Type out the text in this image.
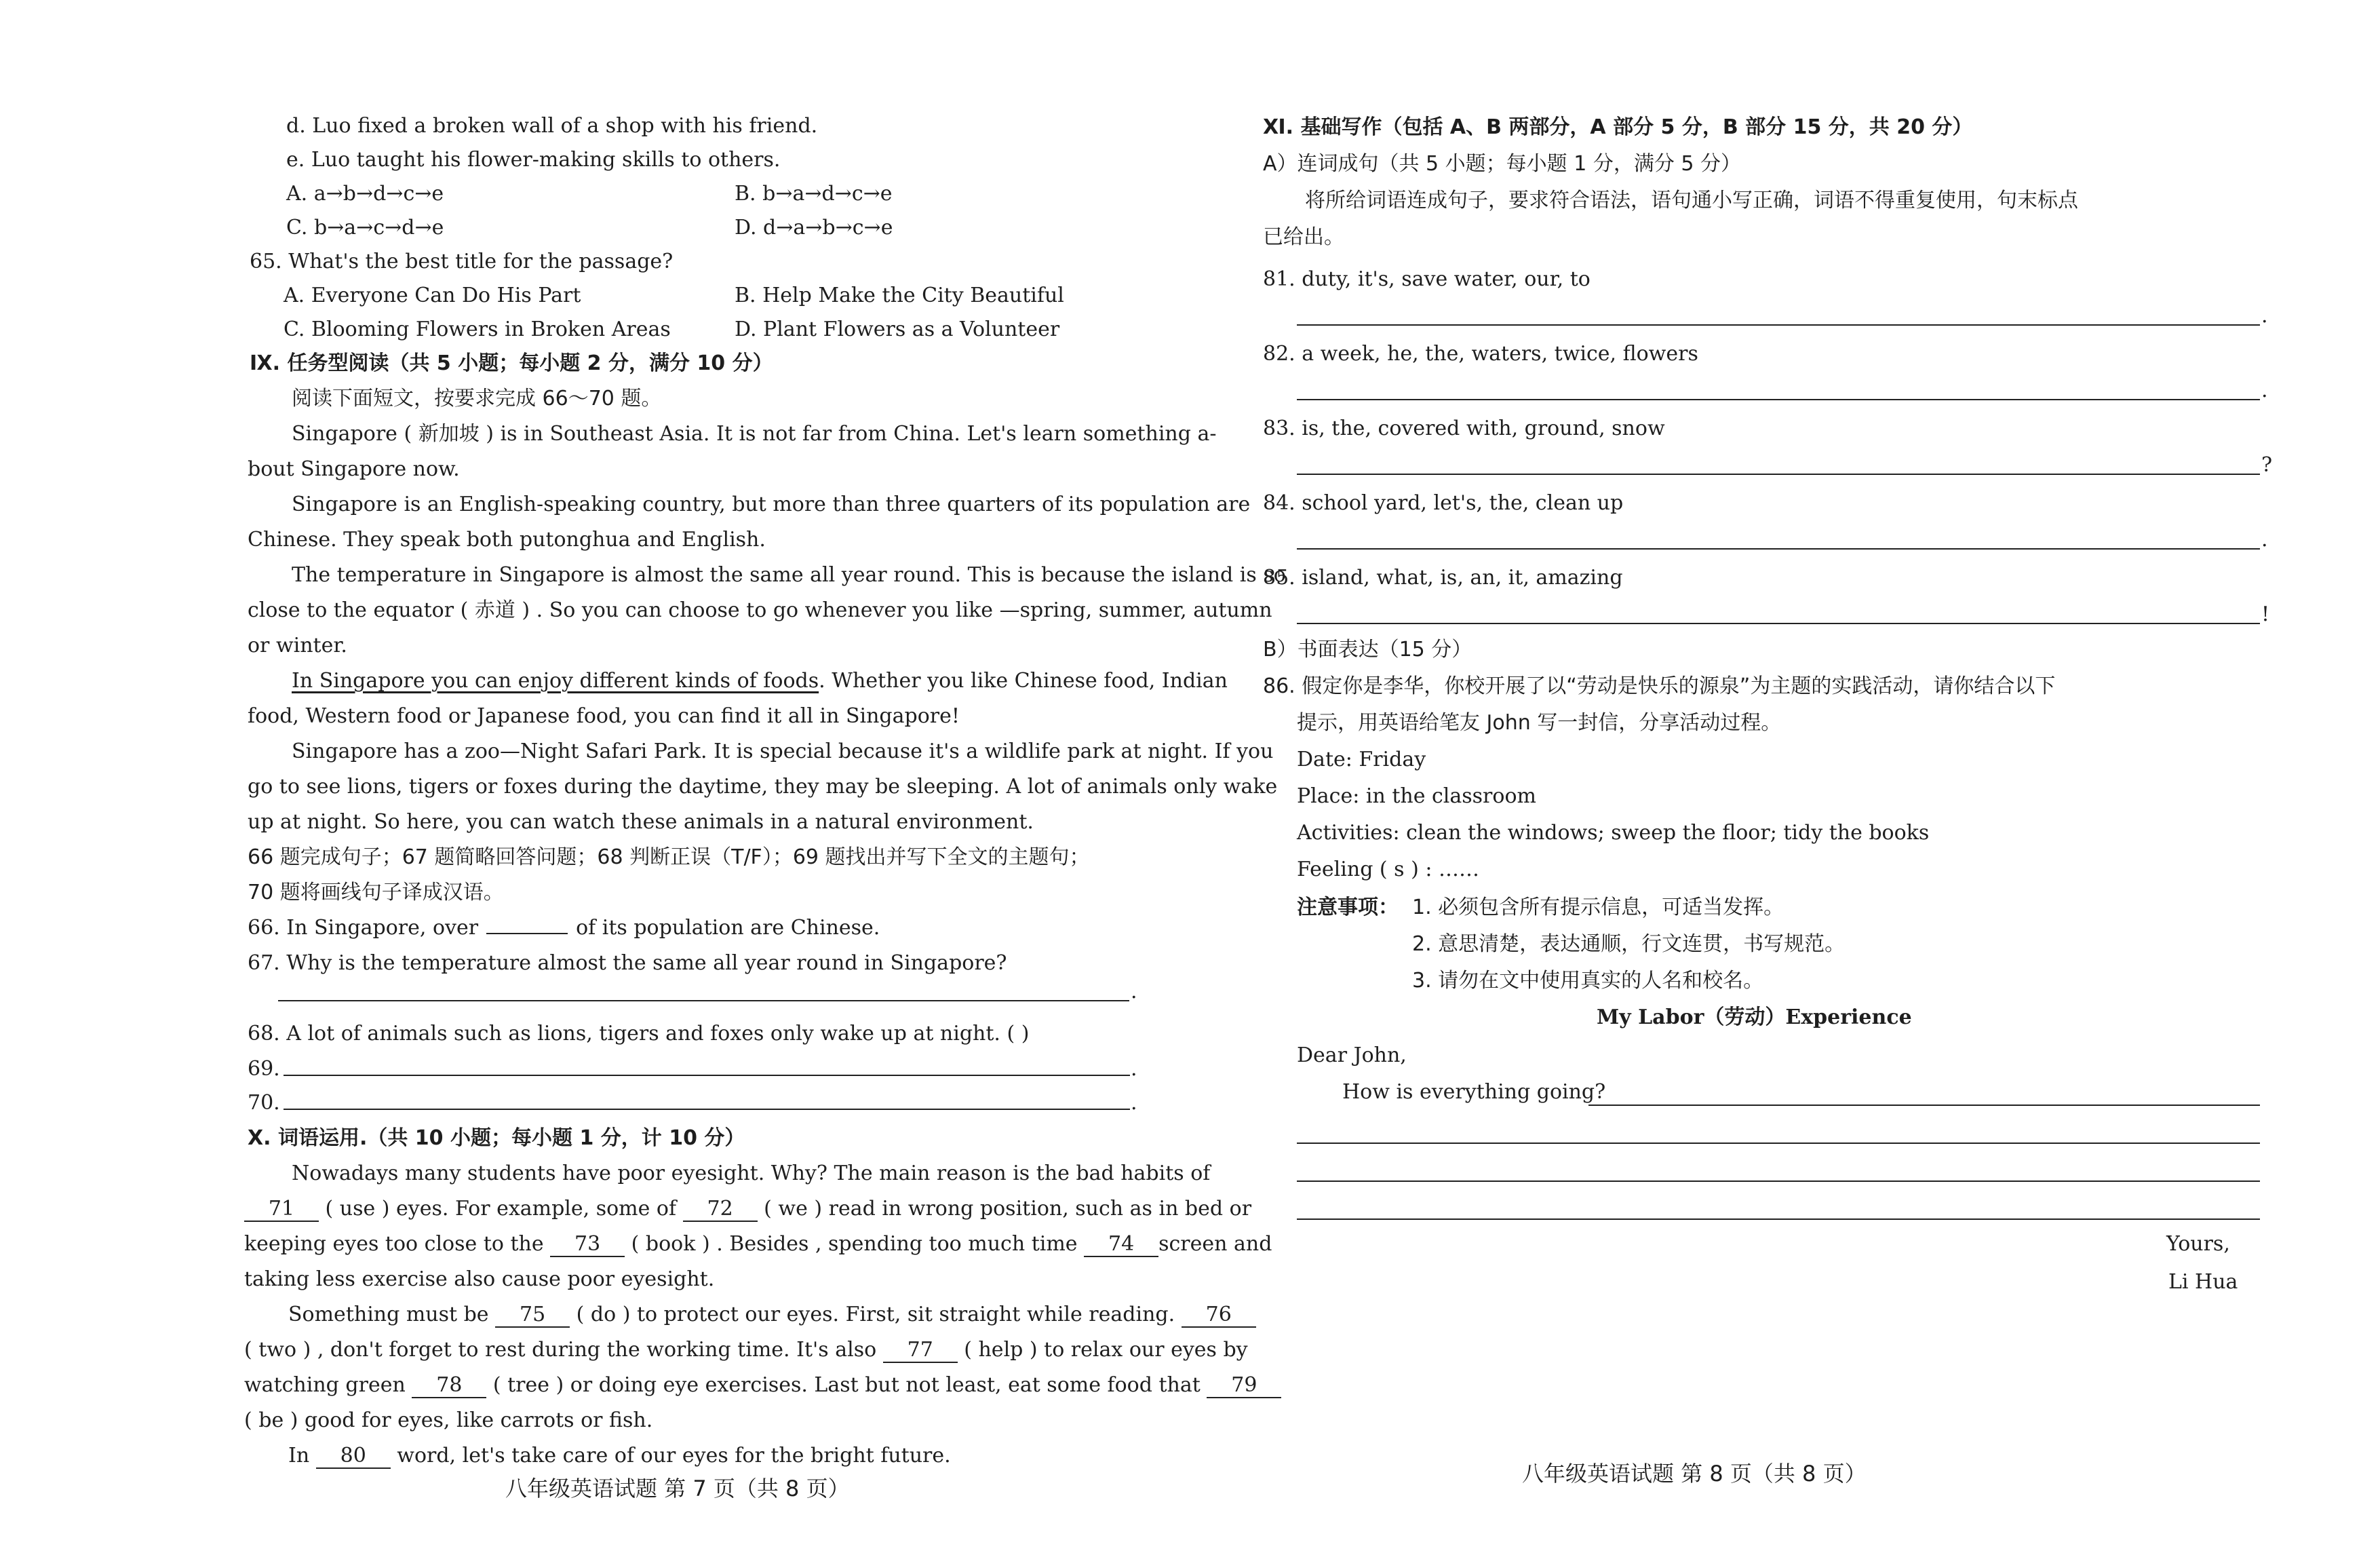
d. Luo fixed a broken wall of a shop with his friend.
e. Luo taught his flower-making skills to others.
A. a→b→d→c→e	B. b→a→d→c→e
C. b→a→c→d→e	D. d→a→b→c→e
65. What's the best title for the passage?
A. Everyone Can Do His Part	B. Help Make the City Beautiful
C. Blooming Flowers in Broken Areas	D. Plant Flowers as a Volunteer
Ⅸ. 任务型阅读（共 5 小题；每小题 2 分，满分 10 分）
阅读下面短文，按要求完成 66～70 题。
Singapore ( 新加坡 ) is in Southeast Asia. It is not far from China. Let's learn something a-
bout Singapore now.
Singapore is an English-speaking country, but more than three quarters of its population are
Chinese. They speak both putonghua and English.
The temperature in Singapore is almost the same all year round. This is because the island is so
close to the equator ( 赤道 ) . So you can choose to go whenever you like —spring, summer, autumn
or winter.
In Singapore you can enjoy different kinds of foods. Whether you like Chinese food, Indian
food, Western food or Japanese food, you can find it all in Singapore!
Singapore has a zoo—Night Safari Park. It is special because it's a wildlife park at night. If you
go to see lions, tigers or foxes during the daytime, they may be sleeping. A lot of animals only wake
up at night. So here, you can watch these animals in a natural environment.
66 题完成句子；67 题简略回答问题；68 判断正误（T/F）；69 题找出并写下全文的主题句；
70 题将画线句子译成汉语。
66. In Singapore, over	of its population are Chinese.
67. Why is the temperature almost the same all year round in Singapore?
.
68. A lot of animals such as lions, tigers and foxes only wake up at night. ( )
69.	.
70.	.
Ⅹ. 词语运用.（共 10 小题；每小题 1 分，计 10 分）
Nowadays many students have poor eyesight. Why? The main reason is the bad habits of
71 ( use ) eyes. For example, some of 72 ( we ) read in wrong position, such as in bed or
keeping eyes too close to the 73 ( book ) . Besides , spending too much time 74 screen and
taking less exercise also cause poor eyesight.
Something must be 75 ( do ) to protect our eyes. First, sit straight while reading. 76
( two ) , don't forget to rest during the working time. It's also 77 ( help ) to relax our eyes by
watching green 78 ( tree ) or doing eye exercises. Last but not least, eat some food that 79
( be ) good for eyes, like carrots or fish.
In 80 word, let's take care of our eyes for the bright future.
八年级英语试题 第 7 页（共 8 页）
Ⅺ. 基础写作（包括 A、B 两部分，A 部分 5 分，B 部分 15 分，共 20 分）
A）连词成句（共 5 小题；每小题 1 分，满分 5 分）
将所给词语连成句子，要求符合语法，语句通小写正确，词语不得重复使用，句末标点
已给出。
81. duty, it's, save water, our, to
.
82. a week, he, the, waters, twice, flowers
.
83. is, the, covered with, ground, snow
?
84. school yard, let's, the, clean up
.
85. island, what, is, an, it, amazing
!
B）书面表达（15 分）
86. 假定你是李华，你校开展了以“劳动是快乐的源泉”为主题的实践活动，请你结合以下
提示，用英语给笔友 John 写一封信，分享活动过程。
Date: Friday
Place: in the classroom
Activities: clean the windows; sweep the floor; tidy the books
Feeling ( s ) : ……
注意事项： 1. 必须包含所有提示信息，可适当发挥。
2. 意思清楚，表达通顺，行文连贯，书写规范。
3. 请勿在文中使用真实的人名和校名。
My Labor（劳动）Experience
Dear John,
How is everything going?
Yours,
Li Hua
八年级英语试题 第 8 页（共 8 页）
